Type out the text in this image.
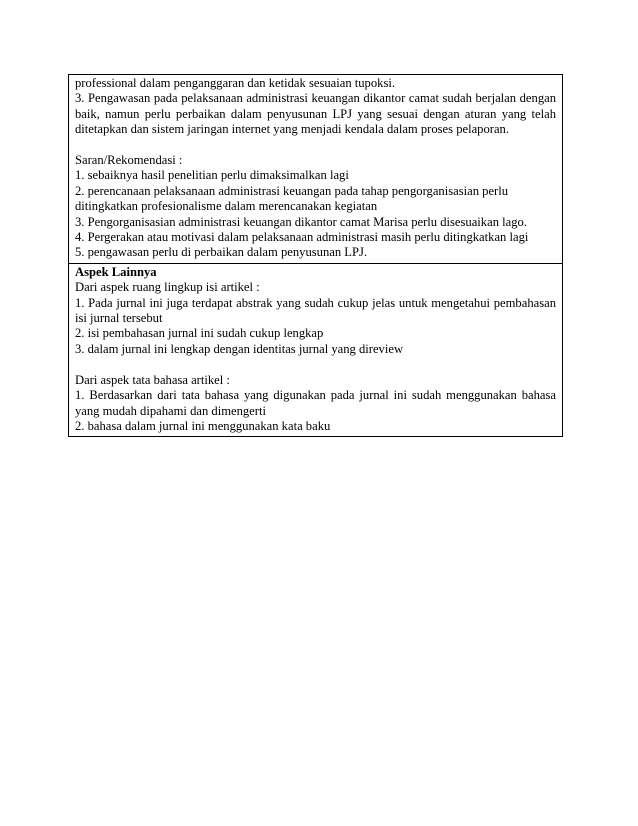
professional dalam penganggaran dan ketidak sesuaian tupoksi.
3. Pengawasan pada pelaksanaan administrasi keuangan dikantor camat sudah berjalan dengan
baik, namun perlu perbaikan dalam penyusunan LPJ yang sesuai dengan aturan yang telah
ditetapkan dan sistem jaringan internet yang menjadi kendala dalam proses pelaporan.
Saran/Rekomendasi :
1. sebaiknya hasil penelitian perlu dimaksimalkan lagi
2. perencanaan pelaksanaan administrasi keuangan pada tahap pengorganisasian perlu
ditingkatkan profesionalisme dalam merencanakan kegiatan
3. Pengorganisasian administrasi keuangan dikantor camat Marisa perlu disesuaikan lago.
4. Pergerakan atau motivasi dalam pelaksanaan administrasi masih perlu ditingkatkan lagi
5. pengawasan perlu di perbaikan dalam penyusunan LPJ.
Aspek Lainnya
Dari aspek ruang lingkup isi artikel :
1. Pada jurnal ini juga terdapat abstrak yang sudah cukup jelas untuk mengetahui pembahasan
isi jurnal tersebut
2. isi pembahasan jurnal ini sudah cukup lengkap
3. dalam jurnal ini lengkap dengan identitas jurnal yang direview
Dari aspek tata bahasa artikel :
1. Berdasarkan dari tata bahasa yang digunakan pada jurnal ini sudah menggunakan bahasa
yang mudah dipahami dan dimengerti
2. bahasa dalam jurnal ini menggunakan kata baku
